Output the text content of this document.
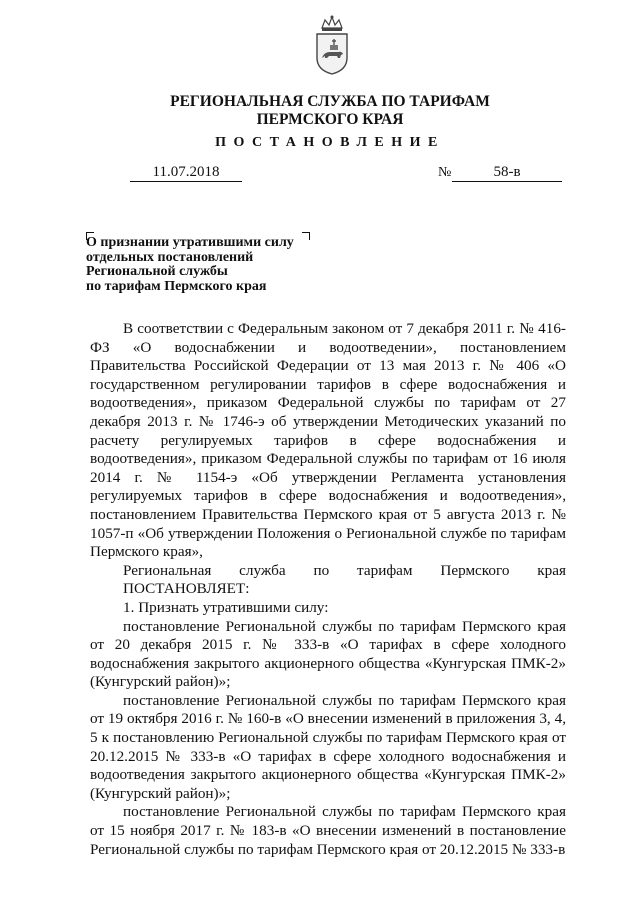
РЕГИОНАЛЬНАЯ СЛУЖБА ПО ТАРИФАМ
ПЕРМСКОГО КРАЯ
ПОСТАНОВЛЕНИЕ
11.07.2018	№	58-в
О признании утратившими силу
отдельных постановлений
Региональной службы
по тарифам Пермского края

В соответствии с Федеральным законом от 7 декабря 2011 г. № 416-ФЗ «О водоснабжении и водоотведении», постановлением Правительства Российской Федерации от 13 мая 2013 г. № 406 «О государственном регулировании тарифов в сфере водоснабжения и водоотведения», приказом Федеральной службы по тарифам от 27 декабря 2013 г. № 1746-э об утверждении Методических указаний по расчету регулируемых тарифов в сфере водоснабжения и водоотведения», приказом Федеральной службы по тарифам от 16 июля 2014 г. № 1154-э «Об утверждении Регламента установления регулируемых тарифов в сфере водоснабжения и водоотведения», постановлением Правительства Пермского края от 5 августа 2013 г. № 1057-п «Об утверждении Положения о Региональной службе по тарифам Пермского края»,

Региональная служба по тарифам Пермского края

ПОСТАНОВЛЯЕТ:

1. Признать утратившими силу:

постановление Региональной службы по тарифам Пермского края от 20 декабря 2015 г. № 333-в «О тарифах в сфере холодного водоснабжения закрытого акционерного общества «Кунгурская ПМК-2» (Кунгурский район)»;

постановление Региональной службы по тарифам Пермского края от 19 октября 2016 г. № 160-в «О внесении изменений в приложения 3, 4, 5 к постановлению Региональной службы по тарифам Пермского края от 20.12.2015 № 333-в «О тарифах в сфере холодного водоснабжения и водоотведения закрытого акционерного общества «Кунгурская ПМК-2» (Кунгурский район)»;

постановление Региональной службы по тарифам Пермского края от 15 ноября 2017 г. № 183-в «О внесении изменений в постановление Региональной службы по тарифам Пермского края от 20.12.2015 № 333-в
